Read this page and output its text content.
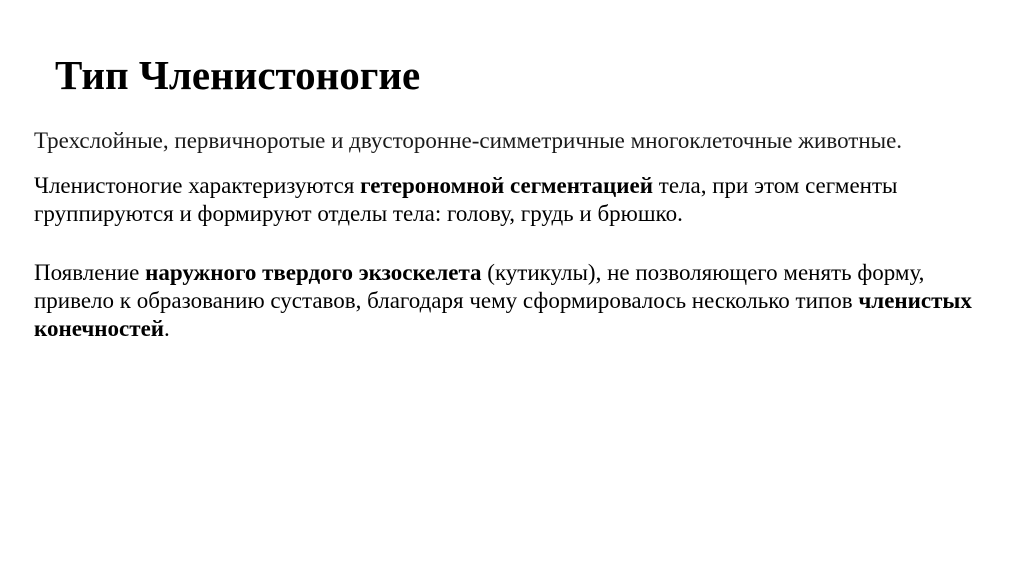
Тип Членистоногие

Трехслойные, первичноротые и двусторонне-симметричные многоклеточные животные.

Членистоногие характеризуются гетерономной сегментацией тела, при этом сегменты группируются и формируют отделы тела: голову, грудь и брюшко.

Появление наружного твердого экзоскелета (кутикулы), не позволяющего менять форму, привело к образованию суставов, благодаря чему сформировалось несколько типов членистых конечностей.
